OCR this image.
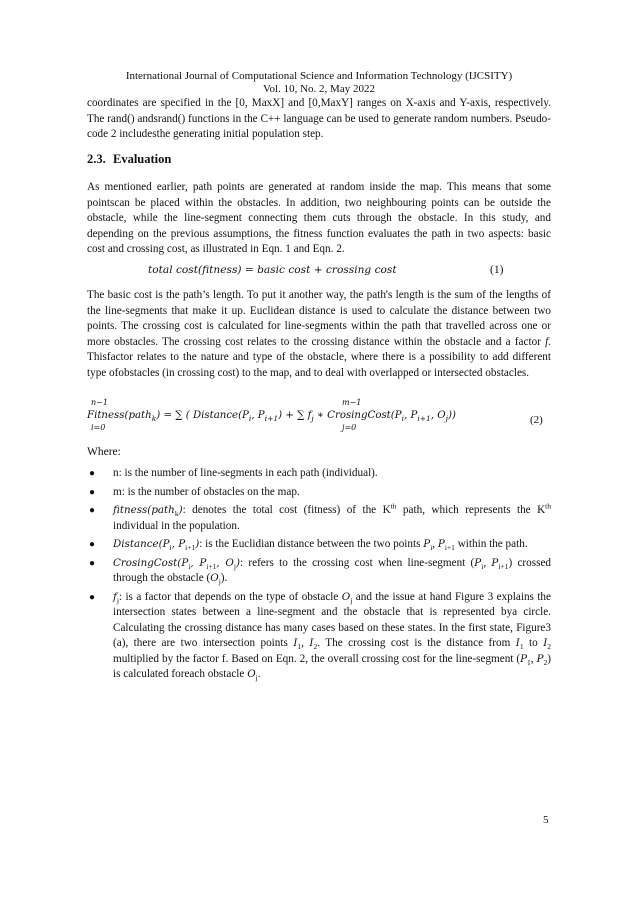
International Journal of Computational Science and Information Technology (IJCSITY)
Vol. 10, No. 2, May 2022
coordinates are specified in the [0, MaxX] and [0,MaxY] ranges on X-axis and Y-axis, respectively. The rand() andsrand() functions in the C++ language can be used to generate random numbers. Pseudo-code 2 includesthe generating initial population step.
2.3. Evaluation
As mentioned earlier, path points are generated at random inside the map. This means that some pointscan be placed within the obstacles. In addition, two neighbouring points can be outside the obstacle, while the line-segment connecting them cuts through the obstacle. In this study, and depending on the previous assumptions, the fitness function evaluates the path in two aspects: basic cost and crossing cost, as illustrated in Eqn. 1 and Eqn. 2.
total cost(fitness) = basic cost + crossing cost	(1)
The basic cost is the path’s length. To put it another way, the path's length is the sum of the lengths of the line-segments that make it up. Euclidean distance is used to calculate the distance between two points. The crossing cost is calculated for line-segments within the path that travelled across one or more obstacles. The crossing cost relates to the crossing distance within the obstacle and a factor f. Thisfactor relates to the nature and type of the obstacle, where there is a possibility to add different type ofobstacles (in crossing cost) to the map, and to deal with overlapped or intersected obstacles.
n−1	m−1
Fitness(path$_k$) = ∑ ( $Distance(P_i$, $P_{i+1}$) + ∑ $f_j$ ∗ $CrosingCost(P_i$, $P_{i+1}$, $O_j$))	(2)
i=0	j=0
Where:
● n: is the number of line-segments in each path (individual).
● m: is the number of obstacles on the map.
● fitness(path$_k$): denotes the total cost (fitness) of the $K^{th}$ path, which represents the $K^{th}$ individual in the population.
● $Distance(P_i$, $P_{i+1}$): is the Euclidian distance between the two points $P_i$, $P_{i+1}$ within the path.
● $CrosingCost(P_i$, $P_{i+1}$, $O_j$): refers to the crossing cost when line-segment ($P_i$, $P_{i+1}$) crossed through the obstacle $(O_j)$.
● $f_j$: is a factor that depends on the type of obstacle $O_j$ and the issue at hand Figure 3 explains the intersection states between a line-segment and the obstacle that is represented bya circle. Calculating the crossing distance has many cases based on these states. In the first state, Figure3 (a), there are two intersection points $I_1$, $I_2$. The crossing cost is the distance from $I_1$ to $I_2$ multiplied by the factor f. Based on Eqn. 2, the overall crossing cost for the line-segment ($P_1$, $P_2$) is calculated foreach obstacle $O_j$.
5
